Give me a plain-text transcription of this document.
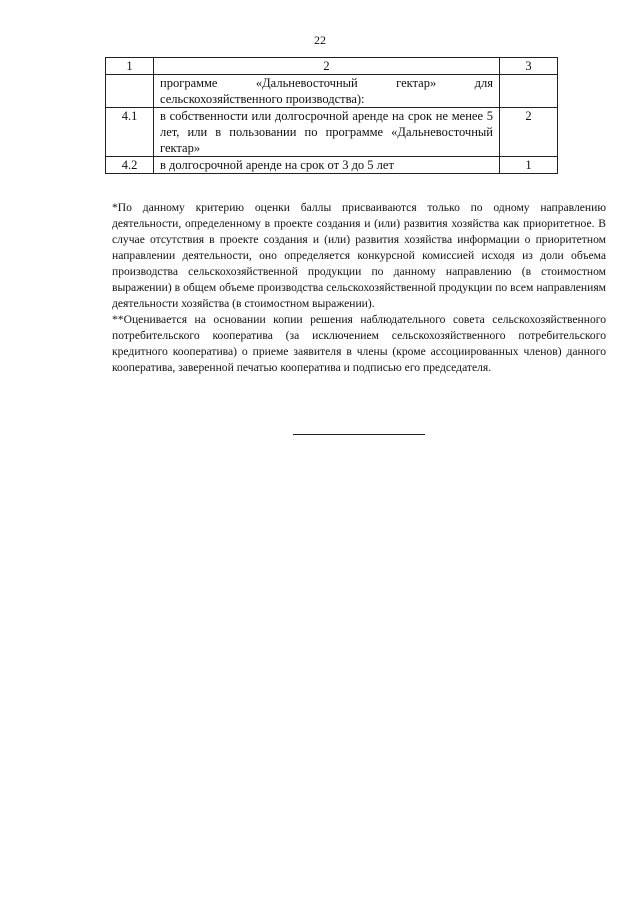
22
1	2	3
	программе «Дальневосточный гектар» для сельскохозяйственного производства):	
4.1	в собственности или долгосрочной аренде на срок не менее 5 лет, или в пользовании по программе «Дальневосточный гектар»	2
4.2	в долгосрочной аренде на срок от 3 до 5 лет	1

*По данному критерию оценки баллы присваиваются только по одному направлению деятельности, определенному в проекте создания и (или) развития хозяйства как приоритетное. В случае отсутствия в проекте создания и (или) развития хозяйства информации о приоритетном направлении деятельности, оно определяется конкурсной комиссией исходя из доли объема производства сельскохозяйственной продукции по данному направлению (в стоимостном выражении) в общем объеме производства сельскохозяйственной продукции по всем направлениям деятельности хозяйства (в стоимостном выражении).

**Оценивается на основании копии решения наблюдательного совета сельскохозяйственного потребительского кооператива (за исключением сельскохозяйственного потребительского кредитного кооператива) о приеме заявителя в члены (кроме ассоциированных членов) данного кооператива, заверенной печатью кооператива и подписью его председателя.
